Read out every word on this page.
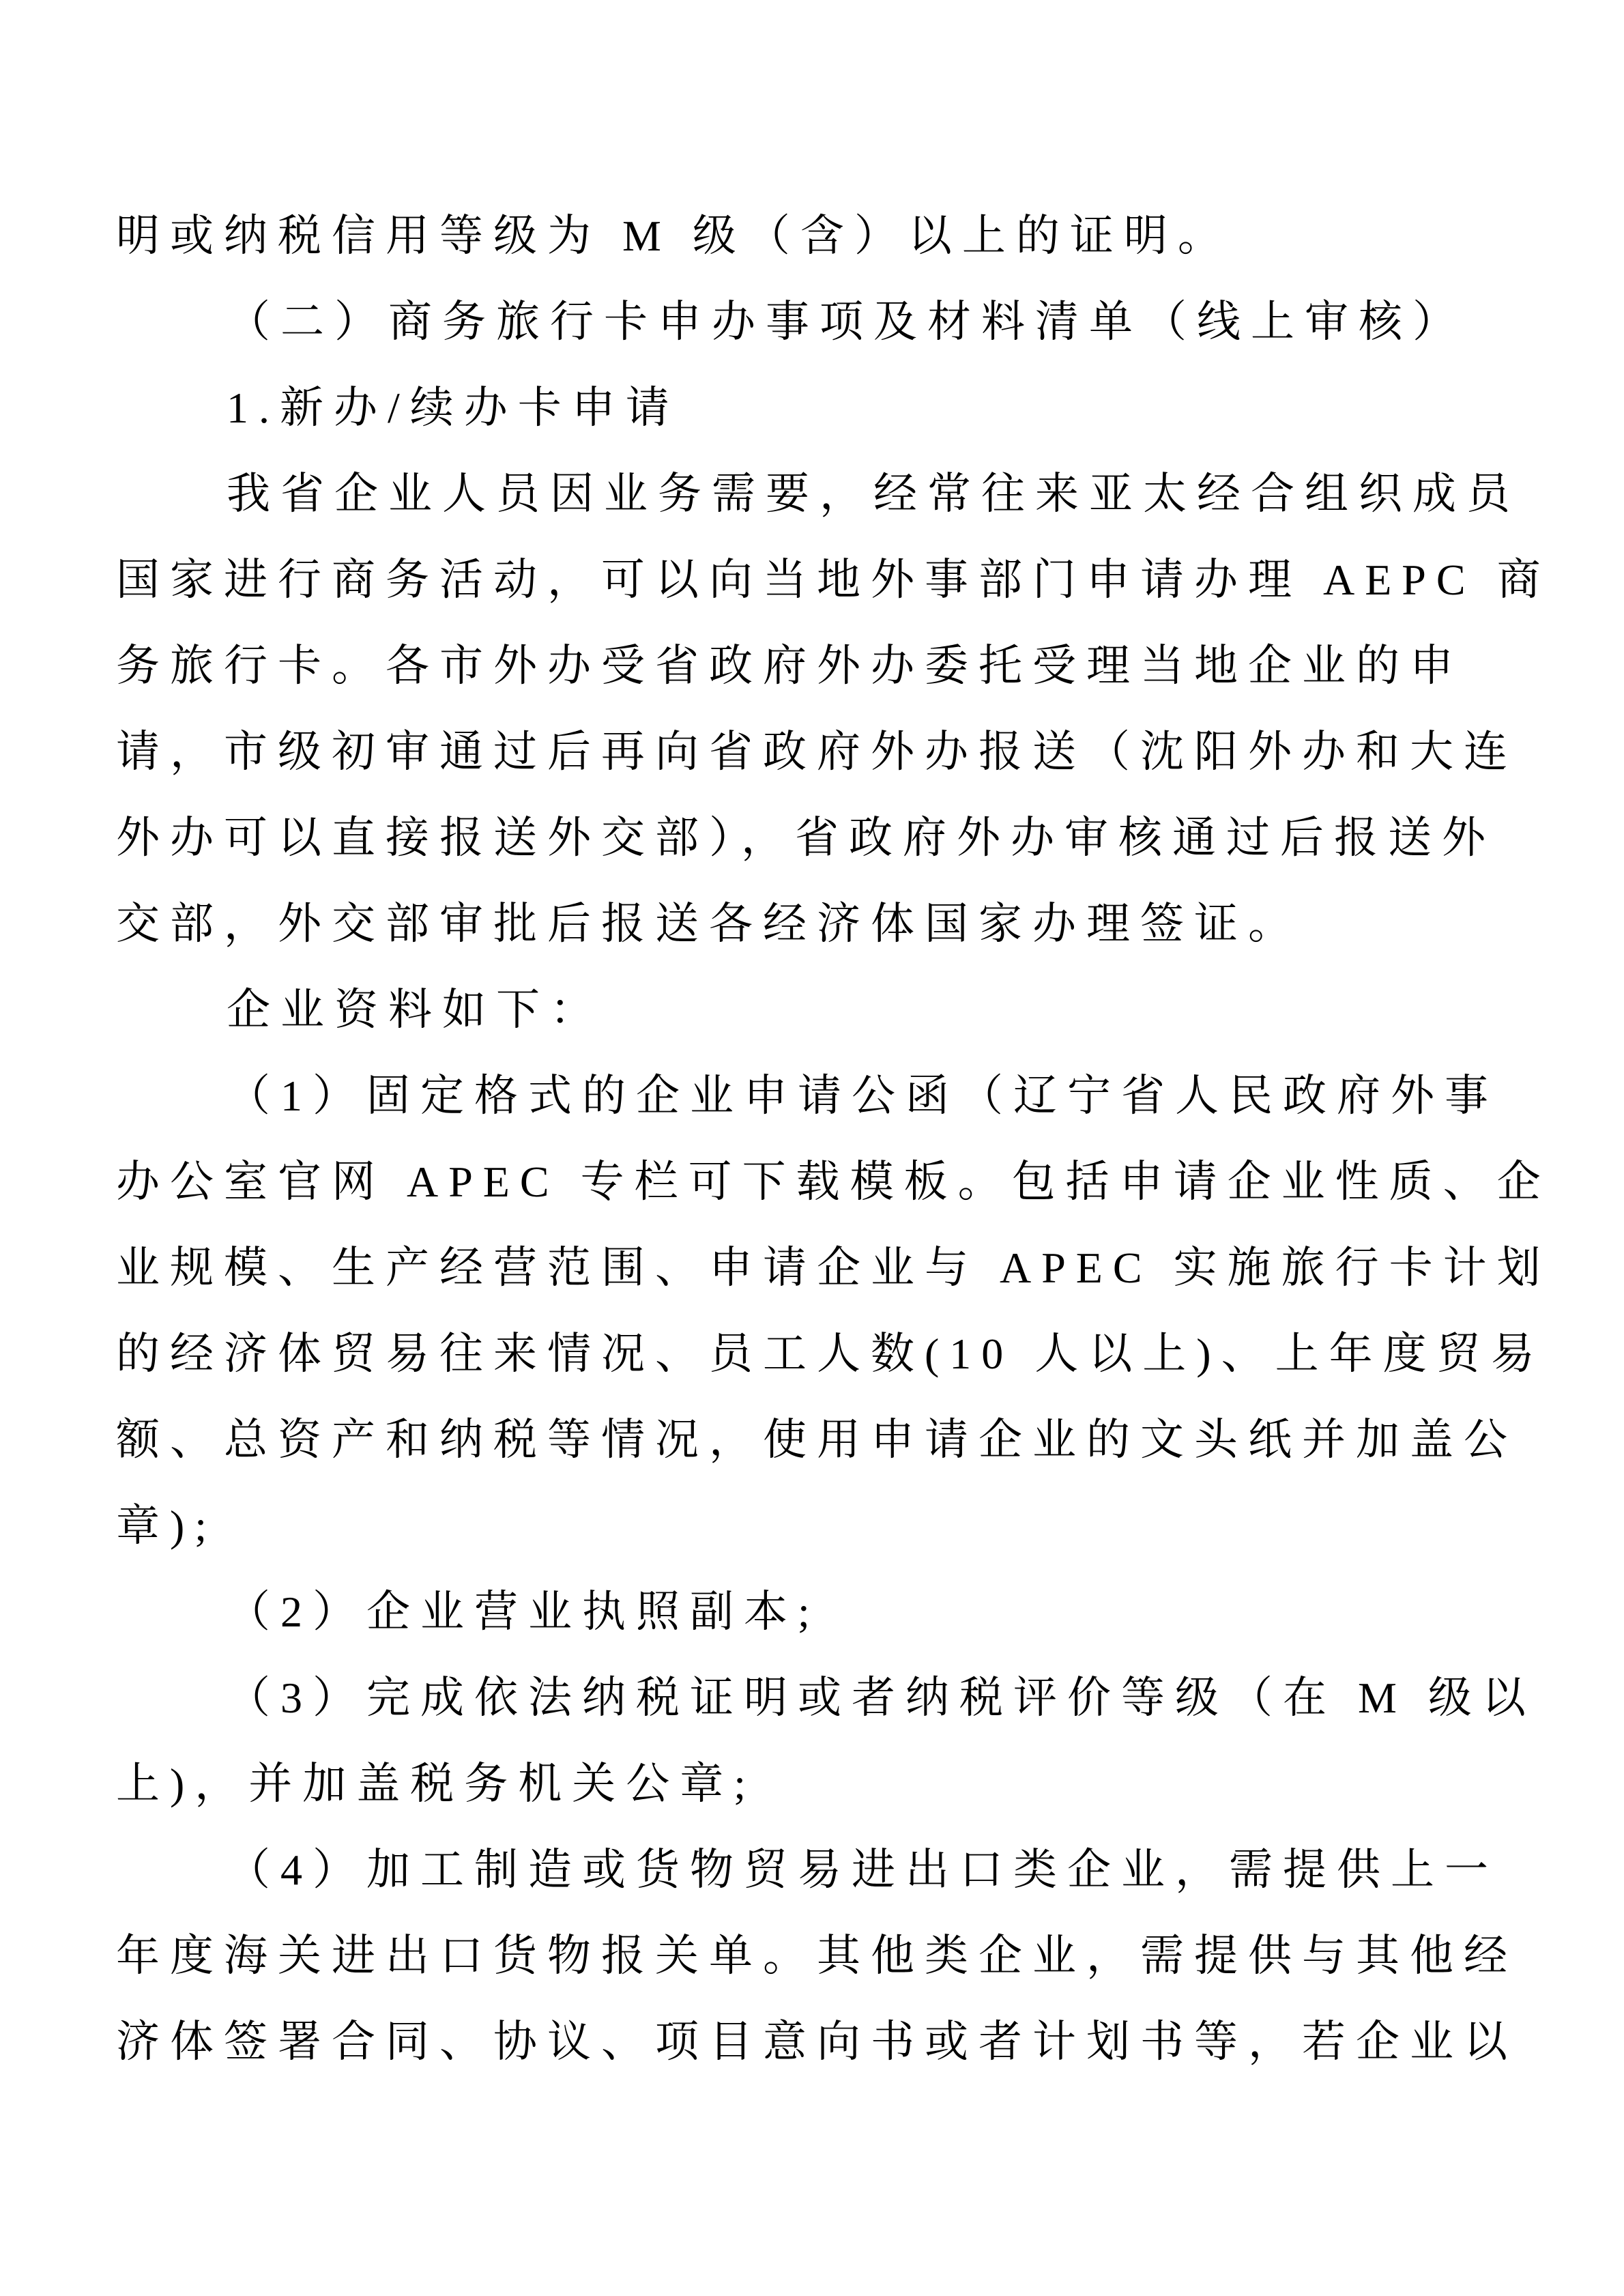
明或纳税信用等级为 M 级（含）以上的证明。

（二）商务旅行卡申办事项及材料清单（线上审核）

1.新办/续办卡申请

我省企业人员因业务需要，经常往来亚太经合组织成员

国家进行商务活动，可以向当地外事部门申请办理 AEPC 商

务旅行卡。各市外办受省政府外办委托受理当地企业的申

请，市级初审通过后再向省政府外办报送（沈阳外办和大连

外办可以直接报送外交部），省政府外办审核通过后报送外

交部，外交部审批后报送各经济体国家办理签证。

企业资料如下：

（1）固定格式的企业申请公函（辽宁省人民政府外事

办公室官网 APEC 专栏可下载模板。包括申请企业性质、企

业规模、生产经营范围、申请企业与 APEC 实施旅行卡计划

的经济体贸易往来情况、员工人数(10 人以上)、上年度贸易

额、总资产和纳税等情况，使用申请企业的文头纸并加盖公

章);

（2）企业营业执照副本;

（3）完成依法纳税证明或者纳税评价等级（在 M 级以

上)，并加盖税务机关公章;

（4）加工制造或货物贸易进出口类企业，需提供上一

年度海关进出口货物报关单。其他类企业，需提供与其他经

济体签署合同、协议、项目意向书或者计划书等，若企业以
